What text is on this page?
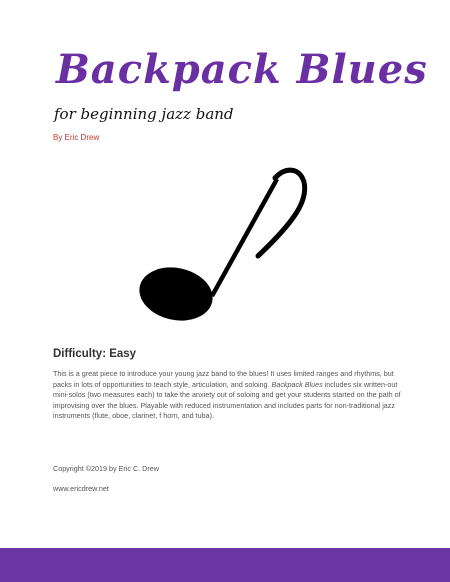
Backpack Blues

for beginning jazz band

By Eric Drew

Difficulty: Easy

This is a great piece to introduce your young jazz band to the blues! It uses limited ranges and rhythms, but packs in lots of opportunities to teach style, articulation, and soloing. Backpack Blues includes six written-out mini-solos (two measures each) to take the anxiety out of soloing and get your students started on the path of improvising over the blues. Playable with reduced instrumentation and includes parts for non-traditional jazz instruments (flute, oboe, clarinet, f horn, and tuba).

Copyright ©2019 by Eric C. Drew

www.ericdrew.net
